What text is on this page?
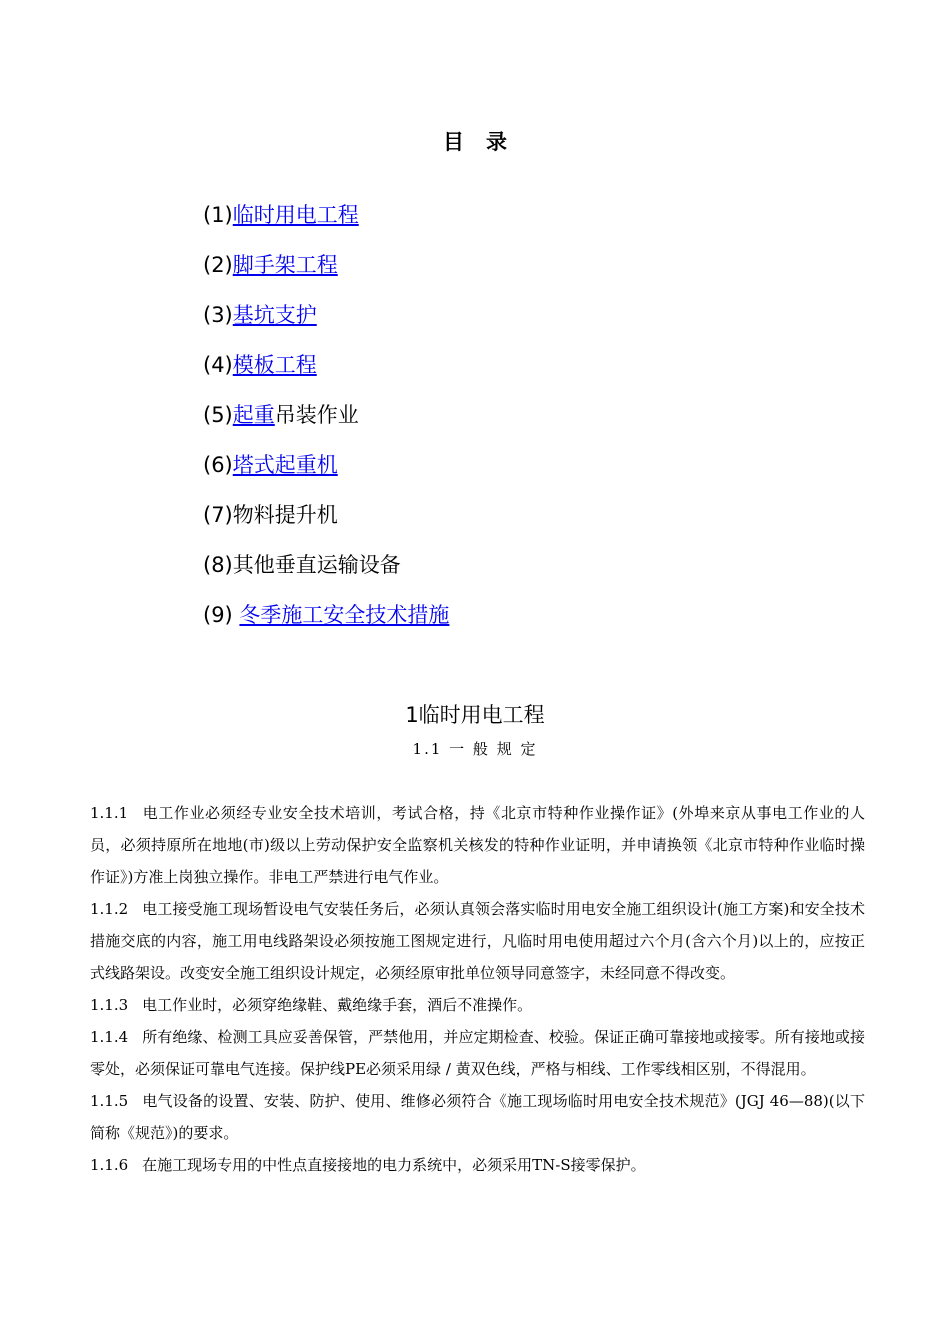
目录
(1)临时用电工程
(2)脚手架工程
(3)基坑支护
(4)模板工程
(5)起重吊装作业
(6)塔式起重机
(7)物料提升机
(8)其他垂直运输设备
(9) 冬季施工安全技术措施
1临时用电工程
1.1 一 般 规 定

1.1.1 电工作业必须经专业安全技术培训，考试合格，持《北京市特种作业操作证》(外埠来京从事电工作业的人员，必须持原所在地地(市)级以上劳动保护安全监察机关核发的特种作业证明，并申请换领《北京市特种作业临时操作证》)方准上岗独立操作。非电工严禁进行电气作业。

1.1.2 电工接受施工现场暂设电气安装任务后，必须认真领会落实临时用电安全施工组织设计(施工方案)和安全技术措施交底的内容，施工用电线路架设必须按施工图规定进行，凡临时用电使用超过六个月(含六个月)以上的，应按正式线路架设。改变安全施工组织设计规定，必须经原审批单位领导同意签字，未经同意不得改变。

1.1.3 电工作业时，必须穿绝缘鞋、戴绝缘手套，酒后不准操作。

1.1.4 所有绝缘、检测工具应妥善保管，严禁他用，并应定期检查、校验。保证正确可靠接地或接零。所有接地或接零处，必须保证可靠电气连接。保护线PE必须采用绿 / 黄双色线，严格与相线、工作零线相区别，不得混用。

1.1.5 电气设备的设置、安装、防护、使用、维修必须符合《施工现场临时用电安全技术规范》(JGJ 46—88)(以下简称《规范》)的要求。

1.1.6 在施工现场专用的中性点直接接地的电力系统中，必须采用TN-S接零保护。
